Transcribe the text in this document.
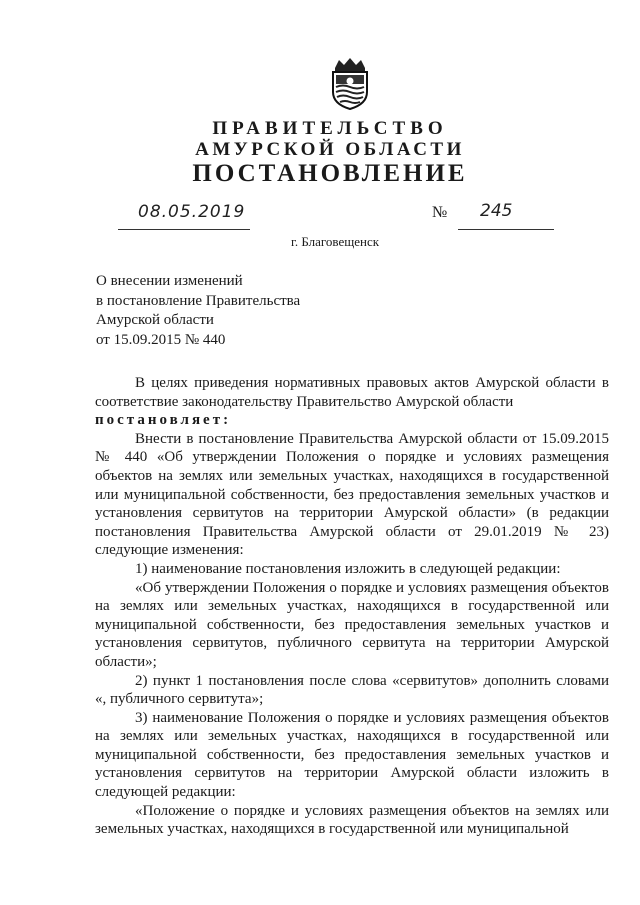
ПРАВИТЕЛЬСТВО
АМУРСКОЙ ОБЛАСТИ
ПОСТАНОВЛЕНИЕ
08.05.2019	№ 245
г. Благовещенск
О внесении изменений
в постановление Правительства
Амурской области
от 15.09.2015 № 440

В целях приведения нормативных правовых актов Амурской области в соответствие законодательству Правительство Амурской области

постановляет:

Внести в постановление Правительства Амурской области от 15.09.2015 № 440 «Об утверждении Положения о порядке и условиях размещения объектов на землях или земельных участках, находящихся в государственной или муниципальной собственности, без предоставления земельных участков и установления сервитутов на территории Амурской области» (в редакции постановления Правительства Амурской области от 29.01.2019 № 23) следующие изменения:

1) наименование постановления изложить в следующей редакции:

«Об утверждении Положения о порядке и условиях размещения объектов на землях или земельных участках, находящихся в государственной или муниципальной собственности, без предоставления земельных участков и установления сервитутов, публичного сервитута на территории Амурской области»;

2) пункт 1 постановления после слова «сервитутов» дополнить словами «, публичного сервитута»;

3) наименование Положения о порядке и условиях размещения объектов на землях или земельных участках, находящихся в государственной или муниципальной собственности, без предоставления земельных участков и установления сервитутов на территории Амурской области изложить в следующей редакции:

«Положение о порядке и условиях размещения объектов на землях или земельных участках, находящихся в государственной или муниципальной
